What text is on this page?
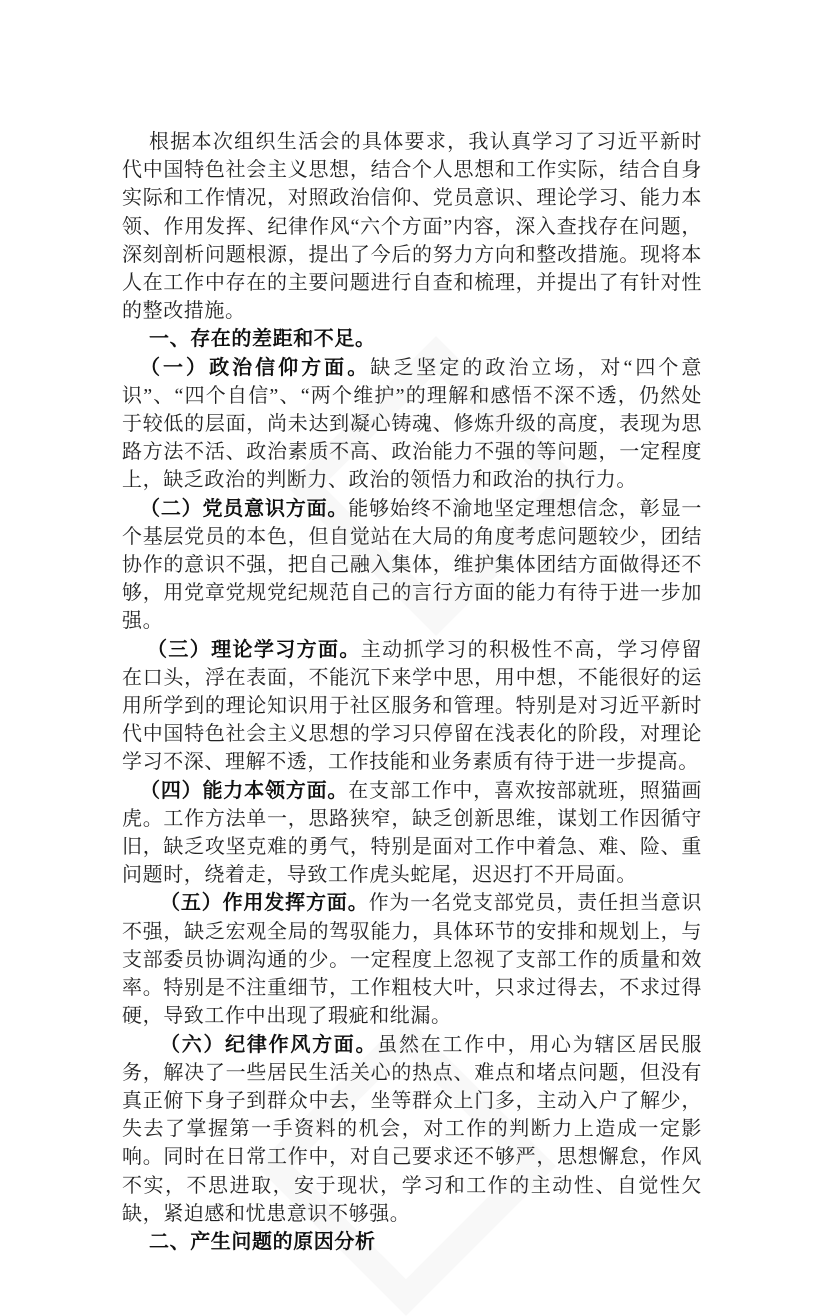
根据本次组织生活会的具体要求，我认真学习了习近平新时代中国特色社会主义思想，结合个人思想和工作实际，结合自身实际和工作情况，对照政治信仰、党员意识、理论学习、能力本领、作用发挥、纪律作风“六个方面”内容，深入查找存在问题，深刻剖析问题根源，提出了今后的努力方向和整改措施。现将本人在工作中存在的主要问题进行自查和梳理，并提出了有针对性的整改措施。

一、存在的差距和不足。

（一）政治信仰方面。缺乏坚定的政治立场，对“四个意识”、“四个自信”、“两个维护”的理解和感悟不深不透，仍然处于较低的层面，尚未达到凝心铸魂、修炼升级的高度，表现为思路方法不活、政治素质不高、政治能力不强的等问题，一定程度上，缺乏政治的判断力、政治的领悟力和政治的执行力。

（二）党员意识方面。能够始终不渝地坚定理想信念，彰显一个基层党员的本色，但自觉站在大局的角度考虑问题较少，团结协作的意识不强，把自己融入集体，维护集体团结方面做得还不够，用党章党规党纪规范自己的言行方面的能力有待于进一步加强。

（三）理论学习方面。主动抓学习的积极性不高，学习停留在口头，浮在表面，不能沉下来学中思，用中想，不能很好的运用所学到的理论知识用于社区服务和管理。特别是对习近平新时代中国特色社会主义思想的学习只停留在浅表化的阶段，对理论学习不深、理解不透，工作技能和业务素质有待于进一步提高。

（四）能力本领方面。在支部工作中，喜欢按部就班，照猫画虎。工作方法单一，思路狭窄，缺乏创新思维，谋划工作因循守旧，缺乏攻坚克难的勇气，特别是面对工作中着急、难、险、重问题时，绕着走，导致工作虎头蛇尾，迟迟打不开局面。

（五）作用发挥方面。作为一名党支部党员，责任担当意识不强，缺乏宏观全局的驾驭能力，具体环节的安排和规划上，与支部委员协调沟通的少。一定程度上忽视了支部工作的质量和效率。特别是不注重细节，工作粗枝大叶，只求过得去，不求过得硬，导致工作中出现了瑕疵和纰漏。

（六）纪律作风方面。虽然在工作中，用心为辖区居民服务，解决了一些居民生活关心的热点、难点和堵点问题，但没有真正俯下身子到群众中去，坐等群众上门多，主动入户了解少，失去了掌握第一手资料的机会，对工作的判断力上造成一定影响。同时在日常工作中，对自己要求还不够严，思想懈怠，作风不实，不思进取，安于现状，学习和工作的主动性、自觉性欠缺，紧迫感和忧患意识不够强。

二、产生问题的原因分析
